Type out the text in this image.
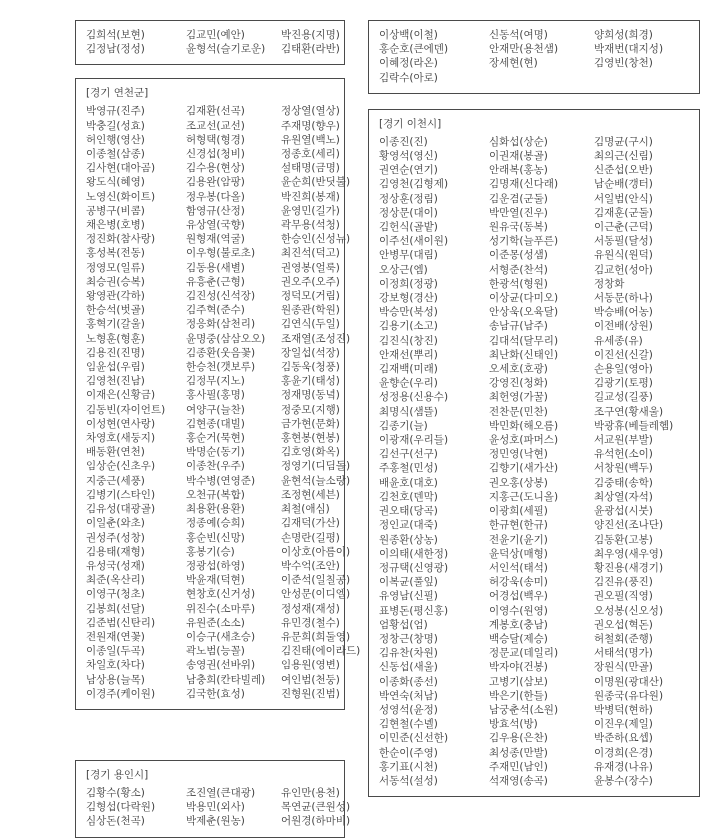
김희석(보현)	김교민(예안)	박진용(지명)
김정남(정성)	윤형석(슬기로운)	김태환(라반)
[경기 연천군]
박영규(진주)	김재환(선곡)	정상열(열상)
박충길(성효)	조교선(교선)	주재명(향우)
허인행(영산)	허형택(형경)	유원열(백노)
이종철(삼종)	신경섭(청비)	정종호(세리)
김사현(대아곰)	김수용(현상)	설태명(금명)
왕도식(혜영)	김용완(암팡)	윤순희(반딧불)
노영신(화이트)	정우봉(다올)	박진희(봉재)
공병구(비콤)	함영규(산정)	윤영민(길가)
채은병(호병)	유상열(국향)	곽무용(석청)
정진화(참사랑)	원형재(역굴)	한승인(신성뉴)
홍성복(전동)	이우형(불로초)	최진석(덕고)
정영모(일류)	김동용(새별)	권영봉(얼룩)
최승권(승복)	유흥춘(근형)	권오주(오주)
왕영관(각하)	김진성(신석장)	정덕모(거림)
한승석(벗골)	김주혁(준수)	원종관(학원)
홍혁기(갈울)	정응화(삼천리)	김연식(두일)
노형훈(형훈)	윤명중(삼삼오오)	조재열(조성진)
김용진(진명)	김종환(웃음꽃)	장일섭(석장)
임윤섭(우림)	한승천(갯보루)	김동욱(청풍)
김영천(진남)	김정무(지노)	홍윤기(태성)
이재은(신황금)	홍사필(홍명)	정재명(동녘)
김동빈(자이언트)	여양구(늘찬)	정중모(지행)
이성현(연사랑)	김현종(대빌)	금가현(문화)
차영호(새둥지)	홍순거(묵현)	홍현봉(현봉)
배동환(연천)	박명순(동기)	김호영(화옥)
임상순(신초우)	이종찬(우주)	정영기(디딤돌)
지중근(세풍)	박수병(연영준)	윤현석(늘소랑)
김병기(스타인)	오천규(복합)	조정현(세븐)
김유성(대광골)	최용환(용환)	최철(애심)
이일춘(와초)	정종예(승희)	김재덕(가산)
권성주(성창)	홍순빈(신망)	손명란(길평)
김용태(재형)	홍봉기(승)	이상호(아름이)
유성국(성재)	정광섭(하영)	박수억(조안)
최준(옥산리)	박윤재(덕현)	이준석(일칠공)
이영구(청초)	현창호(신거성)	안성문(이디엘)
김봉희(선달)	위진수(소마루)	정성재(재성)
김준범(신탄리)	유원준(소소)	유민경(철수)
전원재(연꽃)	이승구(새초승)	유문희(희둘영)
이종일(두곡)	곽노범(능꼴)	김진태(에이라드)
차일호(차다)	송영권(선바위)	임용원(영변)
남상용(늘목)	남충희(칸타빌레)	여인범(천둥)
이경주(케이원)	김국한(효성)	진형원(진범)
[경기 용인시]
김황수(황소)	조진열(큰대광)	유인만(용천)
김형섭(다락원)	박용민(외사)	목연균(큰원성)
심상돈(천곡)	박제춘(원농)	어원경(하마비)
이상백(이철)	신동석(여명)	양희성(희경)
홍순호(큰에덴)	안재만(용천샘)	박재번(대지성)
이혜정(라온)	장세현(현)	김영빈(창천)
김락수(아로)
[경기 이천시]
이종진(진)	심화섭(상순)	김명균(구시)
황영석(영신)	이권재(봉골)	최의근(신림)
권연순(연기)	안래복(홍농)	신준섭(오반)
김영천(김형제)	김명재(신다래)	남순배(갱터)
정상훈(정림)	김운겸(군둘)	서일범(안식)
정상문(대이)	박만열(진우)	김재훈(군둘)
김헌식(골밭)	원유국(동복)	이근춘(근덕)
이주선(새이원)	성기학(늘푸른)	서동필(달성)
안병무(대림)	이준몽(성샘)	유원식(원덕)
오상근(엠)	서형준(찬석)	김교헌(성아)
이정희(정광)	한광석(형원)	정창화
강보형(경산)	이상균(다미오)	서동문(하나)
박승만(북성)	안상욱(오육달)	박승배(어농)
김용기(소고)	송남규(남주)	이전배(상원)
김진식(창진)	김대석(달무리)	유세종(유)
안재선(뿌리)	최난화(신태인)	이진선(신갈)
김재백(미래)	오세호(호광)	손용일(영아)
윤향순(우리)	강영진(청화)	김광기(토평)
성정용(신용수)	최헌영(가꿀)	길교성(길풍)
최명식(샘뜰)	전찬문(민찬)	조구연(황새울)
김종기(늘)	박민화(해오름)	박광휴(베들레헴)
이광재(우리들)	윤성호(파머스)	서교원(부발)
김선구(선구)	정민영(낙현)	유석헌(소이)
주홍철(민성)	김향기(새가산)	서창원(백두)
배윤호(대호)	권오홍(상봉)	김중태(송학)
김천호(덴막)	지홍근(도니올)	최상열(자석)
권오태(당곡)	이광희(세필)	윤광섭(시붓)
정인교(대죽)	한규현(한규)	양진선(조나단)
원종환(상농)	전윤기(윤기)	김동환(고봉)
이의태(새한정)	윤덕상(매형)	최우영(새우영)
정규택(신영광)	서인석(태석)	황진용(새경기)
이복균(풀잎)	허강욱(송미)	김진유(풍진)
유영남(신필)	어경섭(백우)	권오필(직영)
표병돈(평신홍)	이영수(원영)	오성봉(신오성)
엄황섭(엄)	계봉호(충남)	권오섭(혁돈)
정창근(창명)	백승달(제승)	허철회(준행)
김유찬(차원)	정문교(데일리)	서태석(명가)
신동섭(새울)	박자야(건봉)	장원식(만골)
이종화(종선)	고병기(삼보)	이명원(광대산)
박연숙(처남)	박은기(한들)	원종국(유다원)
성영석(윤정)	남궁춘석(소원)	박병덕(현하)
김현철(수녤)	방효석(방)	이진우(제일)
이민준(신선한)	김우용(은찬)	박준하(요셉)
한순이(주영)	최성종(만발)	이경희(은경)
홍기표(시천)	주재민(남인)	유재경(나유)
서동석(설성)	석재영(송곡)	윤봉수(장수)
